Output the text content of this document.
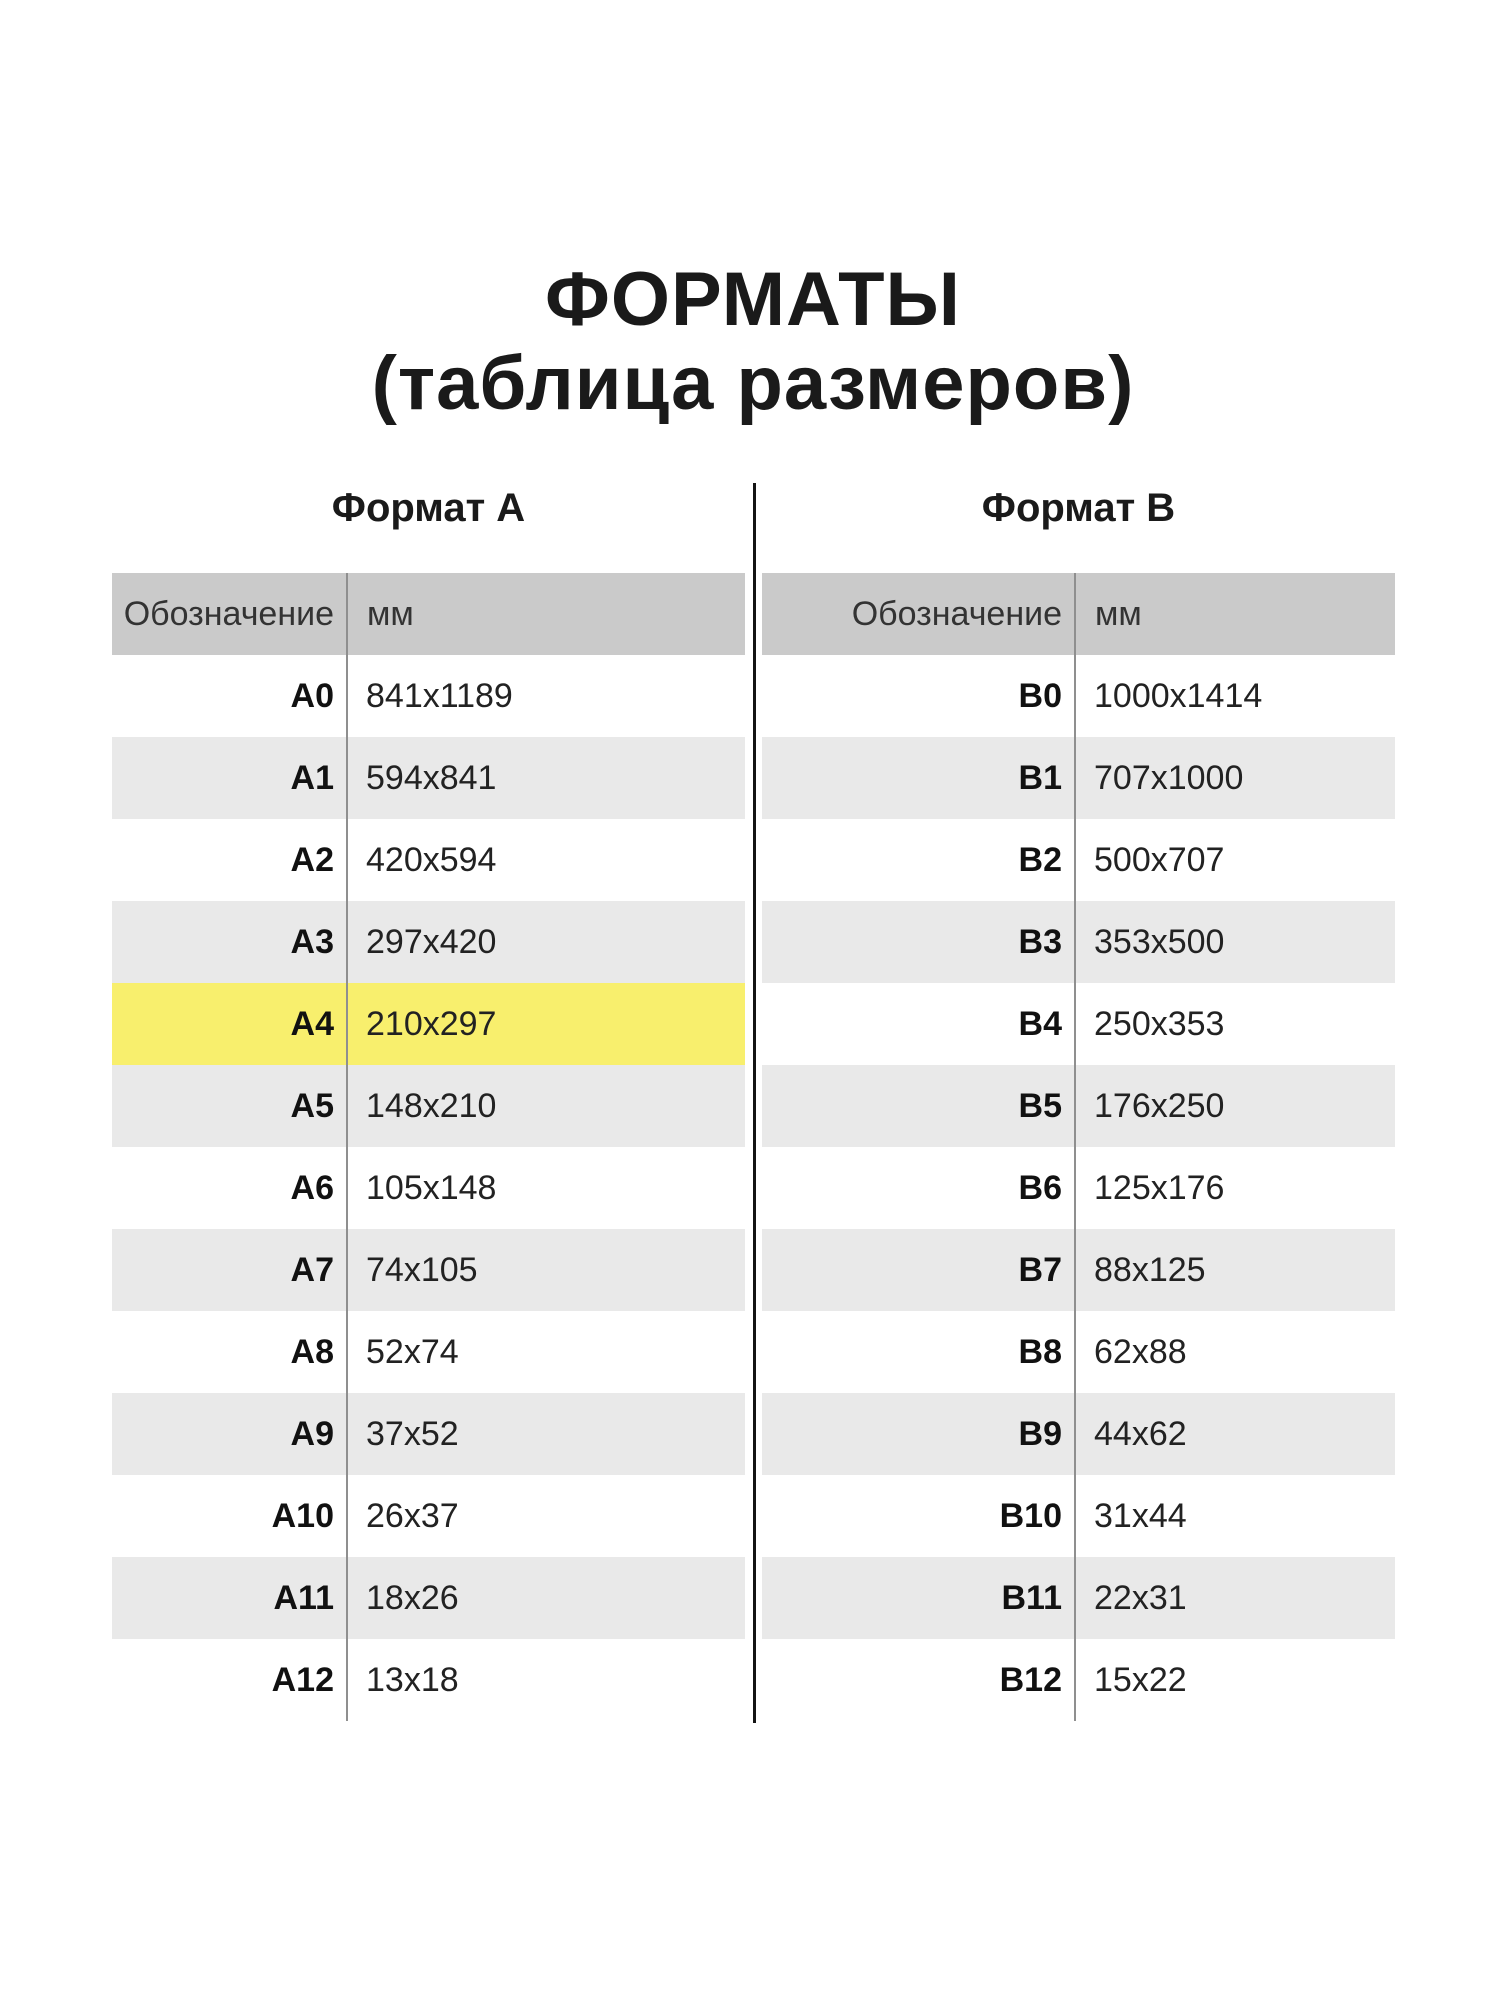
ФОРМАТЫ
(таблица размеров)
Формат А
Обозначение мм
A0 841x1189
A1 594x841
A2 420x594
A3 297x420
A4 210x297
A5 148x210
A6 105x148
A7 74x105
A8 52x74
A9 37x52
A10 26x37
A11 18x26
A12 13x18
Формат B
Обозначение мм
B0 1000x1414
B1 707x1000
B2 500x707
B3 353x500
B4 250x353
B5 176x250
B6 125x176
B7 88x125
B8 62x88
B9 44x62
B10 31x44
B11 22x31
B12 15x22
